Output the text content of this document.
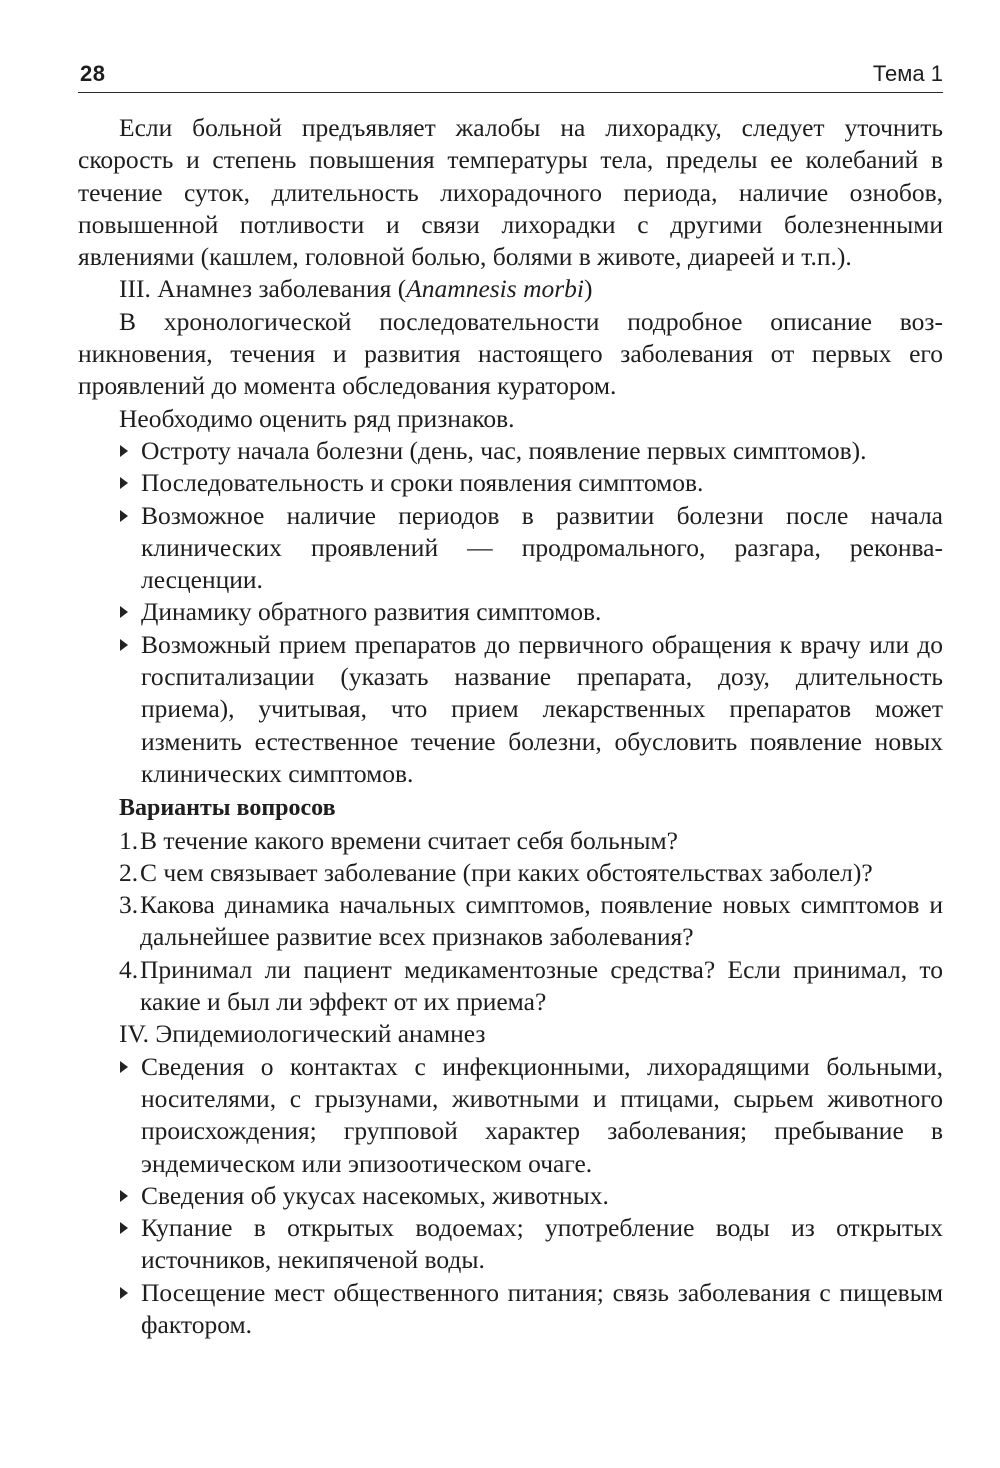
28	Тема 1

Если больной предъявляет жалобы на лихорадку, следует уточнить скорость и степень повышения температуры тела, пределы ее колебаний в течение суток, длительность лихорадочного периода, наличие ознобов, повышенной потливости и связи лихорадки с другими болезненными явлениями (кашлем, головной болью, болями в животе, диареей и т.п.).

III. Анамнез заболевания (Anamnesis morbi)

В хронологической последовательности подробное описание возникновения, течения и развития настоящего заболевания от первых его проявлений до момента обследования куратором.

Необходимо оценить ряд признаков.

Остроту начала болезни (день, час, появление первых симптомов).
Последовательность и сроки появления симптомов.
Возможное наличие периодов в развитии болезни после начала клинических проявлений — продромального, разгара, реконвалесценции.
Динамику обратного развития симптомов.
Возможный прием препаратов до первичного обращения к врачу или до госпитализации (указать название препарата, дозу, длительность приема), учитывая, что прием лекарственных препаратов может изменить естественное течение болезни, обусловить появление новых клинических симптомов.

Варианты вопросов

1. В течение какого времени считает себя больным?
2. С чем связывает заболевание (при каких обстоятельствах заболел)?
3. Какова динамика начальных симптомов, появление новых симптомов и дальнейшее развитие всех признаков заболевания?
4. Принимал ли пациент медикаментозные средства? Если принимал, то какие и был ли эффект от их приема?

IV. Эпидемиологический анамнез

Сведения о контактах с инфекционными, лихорадящими больными, носителями, с грызунами, животными и птицами, сырьем животного происхождения; групповой характер заболевания; пребывание в эндемическом или эпизоотическом очаге.
Сведения об укусах насекомых, животных.
Купание в открытых водоемах; употребление воды из открытых источников, некипяченой воды.
Посещение мест общественного питания; связь заболевания с пищевым фактором.
